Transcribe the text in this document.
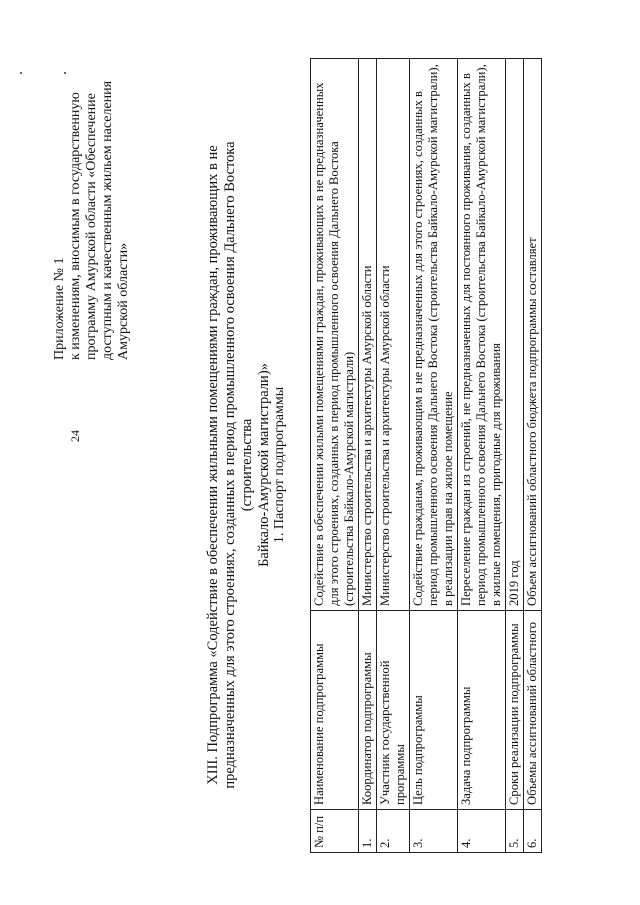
24
Приложение № 1 к изменениям, вносимым в государственную программу Амурской области «Обеспечение доступным и качественным жильем населения Амурской области»	XIII. Подпрограмма «Содействие в обеспечении жильными помещениями граждан, проживающих в не предназначенных для этого строениях, созданных в период промышленного освоения Дальнего Востока (строительства Байкало-Амурской магистрали)» 1. Паспорт подпрограммы
№ п/п	Наименование подпрограммы	Содействие в обеспечении жилыми помещениями граждан, проживающих в не предназначенных для этого строениях, созданных в период промышленного освоения Дальнего Востока (строительства Байкало-Амурской магистрали)
1.	Координатор подпрограммы	Министерство строительства и архитектуры Амурской области
2.	Участник государственной программы	Министерство строительства и архитектуры Амурской области
3.	Цель подпрограммы	Содействие гражданам, проживающим в не предназначенных для этого строениях, созданных в период промышленного освоения Дальнего Востока (строительства Байкало-Амурской магистрали), в реализации прав на жилое помещение
4.	Задача подпрограммы	Переселение граждан из строений, не предназначенных для постоянного проживания, созданных в период промышленного освоения Дальнего Востока (строительства Байкало-Амурской магистрали), в жилые помещения, пригодные для проживания
5.	Сроки реализации подпрограммы	2019 год
6.	Объемы ассигнований областного	Объем ассигнований областного бюджета подпрограммы составляет
